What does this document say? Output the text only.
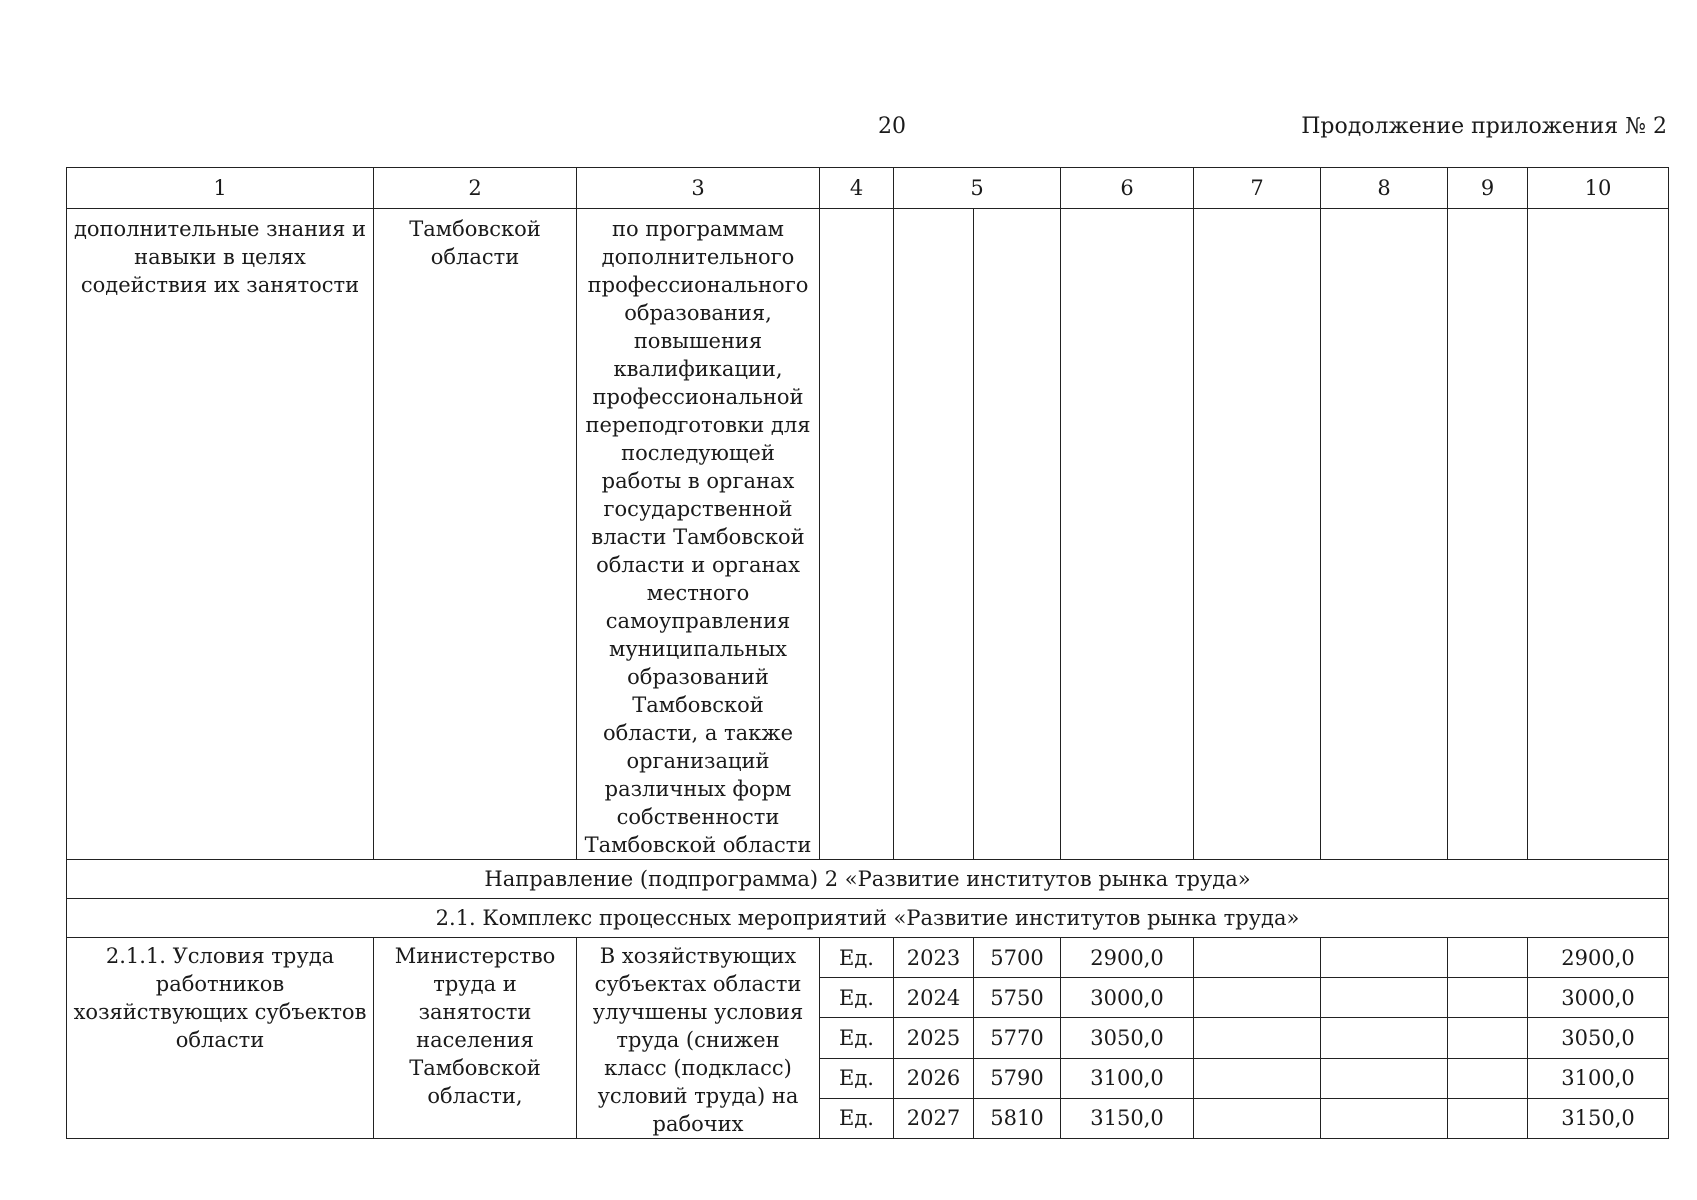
20	Продолжение приложения № 2
1	2	3	4	5		6	7	8	9	10
дополнительные знания и навыки в целях содействия их занятости	Тамбовской области	по программам дополнительного профессионального образования, повышения квалификации, профессиональной переподготовки для последующей работы в органах государственной власти Тамбовской области и органах местного самоуправления муниципальных образований Тамбовской области, а также организаций различных форм собственности Тамбовской области								
Направление (подпрограмма) 2 «Развитие институтов рынка труда»										
2.1. Комплекс процессных мероприятий «Развитие институтов рынка труда»										
2.1.1. Условия труда работников хозяйствующих субъектов области	Министерство труда и занятости населения Тамбовской области,	В хозяйствующих субъектах области улучшены условия труда (снижен класс (подкласс) условий труда) на рабочих	Ед.	2023	5700	2900,0				2900,0
			Ед.	2024	5750	3000,0				3000,0
			Ед.	2025	5770	3050,0				3050,0
			Ед.	2026	5790	3100,0				3100,0
			Ед.	2027	5810	3150,0				3150,0
